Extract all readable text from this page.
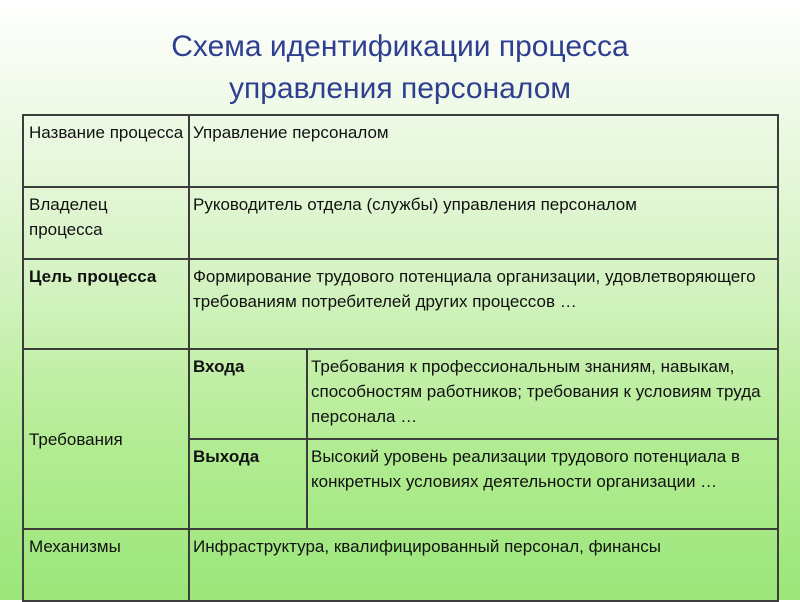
Схема идентификации процесса
управления персоналом
Название процесса	Управление персоналом	
Владелец процесса	Руководитель отдела (службы) управления персоналом	
Цель процесса	Формирование трудового потенциала организации, удовлетворяющего требованиям потребителей других процессов …	
Требования	Входа	Требования к профессиональным знаниям, навыкам, способностям работников; требования к условиям труда персонала …
	Выхода	Высокий уровень реализации трудового потенциала в конкретных условиях деятельности организации …
Механизмы	Инфраструктура, квалифицированный персонал, финансы	
